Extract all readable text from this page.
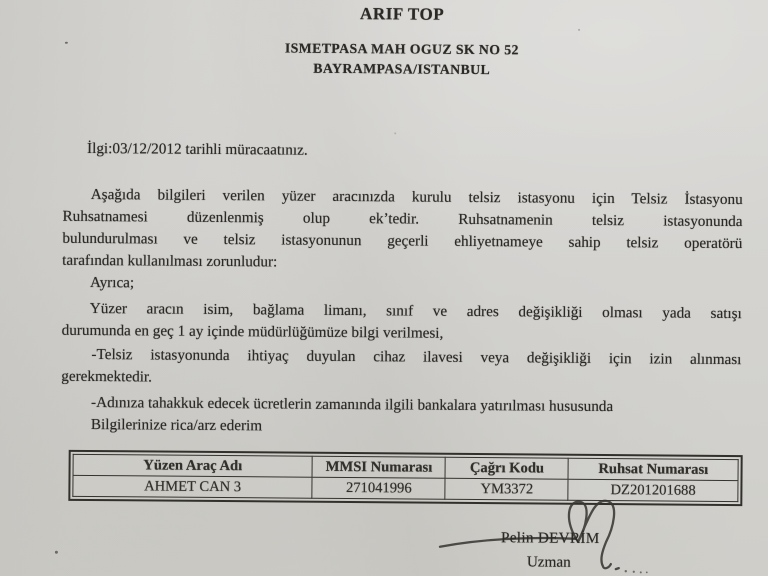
ARIF TOP
ISMETPASA MAH OGUZ SK NO 52
BAYRAMPASA/ISTANBUL
İlgi:03/12/2012 tarihli müracaatınız.
Aşağıda bilgileri verilen yüzer aracınızda kurulu telsiz istasyonu için Telsiz İstasyonu
Ruhsatnamesi düzenlenmiş olup ek’tedir. Ruhsatnamenin telsiz istasyonunda
bulundurulması ve telsiz istasyonunun geçerli ehliyetnameye sahip telsiz operatörü
tarafından kullanılması zorunludur:
Ayrıca;
Yüzer aracın isim, bağlama limanı, sınıf ve adres değişikliği olması yada satışı
durumunda en geç 1 ay içinde müdürlüğümüze bilgi verilmesi,
-Telsiz istasyonunda ihtiyaç duyulan cihaz ilavesi veya değişikliği için izin alınması
gerekmektedir.
-Adınıza tahakkuk edecek ücretlerin zamanında ilgili bankalara yatırılması hususunda
Bilgilerinize rica/arz ederim
Yüzen Araç Adı	MMSI Numarası	Çağrı Kodu	Ruhsat Numarası
AHMET CAN 3	271041996	YM3372	DZ201201688
Pelin DEVRİM
Uzman
